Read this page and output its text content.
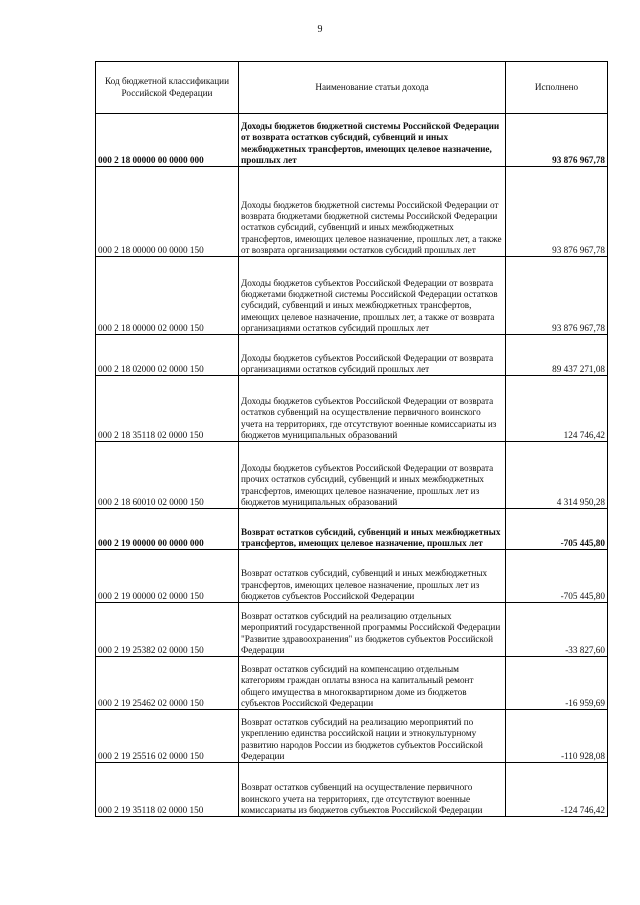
9
Код бюджетной классификации Российской Федерации	Наименование статьи дохода	Исполнено
000 2 18 00000 00 0000 000	Доходы бюджетов бюджетной системы Российской Федерации от возврата остатков субсидий, субвенций и иных межбюджетных трансфертов, имеющих целевое назначение, прошлых лет	93 876 967,78
000 2 18 00000 00 0000 150	Доходы бюджетов бюджетной системы Российской Федерации от возврата бюджетами бюджетной системы Российской Федерации остатков субсидий, субвенций и иных межбюджетных трансфертов, имеющих целевое назначение, прошлых лет, а также от возврата организациями остатков субсидий прошлых лет	93 876 967,78
000 2 18 00000 02 0000 150	Доходы бюджетов субъектов Российской Федерации от возврата бюджетами бюджетной системы Российской Федерации остатков субсидий, субвенций и иных межбюджетных трансфертов, имеющих целевое назначение, прошлых лет, а также от возврата организациями остатков субсидий прошлых лет	93 876 967,78
000 2 18 02000 02 0000 150	Доходы бюджетов субъектов Российской Федерации от возврата организациями остатков субсидий прошлых лет	89 437 271,08
000 2 18 35118 02 0000 150	Доходы бюджетов субъектов Российской Федерации от возврата остатков субвенций на осуществление первичного воинского учета на территориях, где отсутствуют военные комиссариаты из бюджетов муниципальных образований	124 746,42
000 2 18 60010 02 0000 150	Доходы бюджетов субъектов Российской Федерации от возврата прочих остатков субсидий, субвенций и иных межбюджетных трансфертов, имеющих целевое назначение, прошлых лет из бюджетов муниципальных образований	4 314 950,28
000 2 19 00000 00 0000 000	Возврат остатков субсидий, субвенций и иных межбюджетных трансфертов, имеющих целевое назначение, прошлых лет	-705 445,80
000 2 19 00000 02 0000 150	Возврат остатков субсидий, субвенций и иных межбюджетных трансфертов, имеющих целевое назначение, прошлых лет из бюджетов субъектов Российской Федерации	-705 445,80
000 2 19 25382 02 0000 150	Возврат остатков субсидий на реализацию отдельных мероприятий государственной программы Российской Федерации "Развитие здравоохранения" из бюджетов субъектов Российской Федерации	-33 827,60
000 2 19 25462 02 0000 150	Возврат остатков субсидий на компенсацию отдельным категориям граждан оплаты взноса на капитальный ремонт общего имущества в многоквартирном доме из бюджетов субъектов Российской Федерации	-16 959,69
000 2 19 25516 02 0000 150	Возврат остатков субсидий на реализацию мероприятий по укреплению единства российской нации и этнокультурному развитию народов России из бюджетов субъектов Российской Федерации	-110 928,08
000 2 19 35118 02 0000 150	Возврат остатков субвенций на осуществление первичного воинского учета на территориях, где отсутствуют военные комиссариаты из бюджетов субъектов Российской Федерации	-124 746,42
